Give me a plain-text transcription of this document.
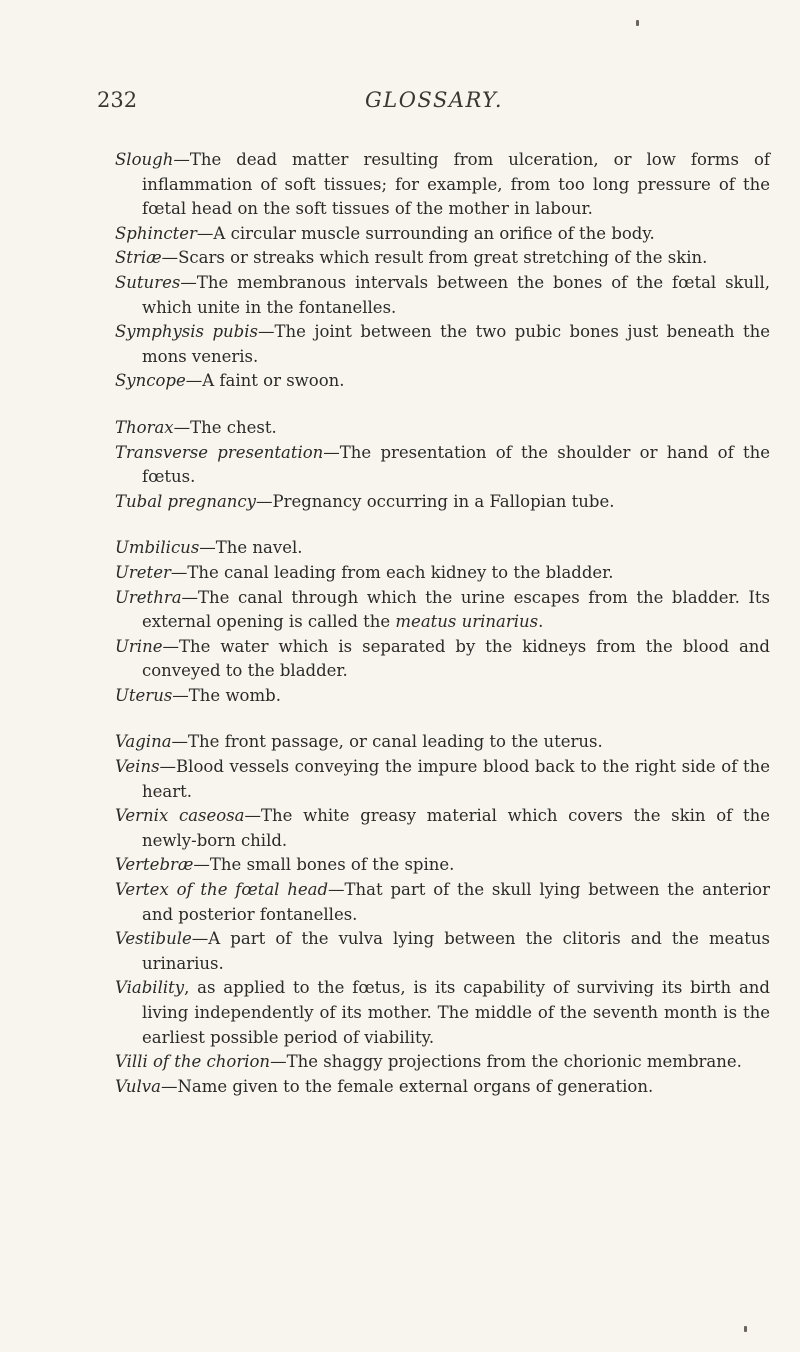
232	GLOSSARY.

Slough—The dead matter resulting from ulceration, or low forms of inflammation of soft tissues; for example, from too long pressure of the fœtal head on the soft tissues of the mother in labour.

Sphincter—A circular muscle surrounding an orifice of the body.

Striæ—Scars or streaks which result from great stretching of the skin.

Sutures—The membranous intervals between the bones of the fœtal skull, which unite in the fontanelles.

Symphysis pubis—The joint between the two pubic bones just beneath the mons veneris.

Syncope—A faint or swoon.

Thorax—The chest.

Transverse presentation—The presentation of the shoulder or hand of the fœtus.

Tubal pregnancy—Pregnancy occurring in a Fallopian tube.

Umbilicus—The navel.

Ureter—The canal leading from each kidney to the bladder.

Urethra—The canal through which the urine escapes from the bladder. Its external opening is called the meatus urinarius.

Urine—The water which is separated by the kidneys from the blood and conveyed to the bladder.

Uterus—The womb.

Vagina—The front passage, or canal leading to the uterus.

Veins—Blood vessels conveying the impure blood back to the right side of the heart.

Vernix caseosa—The white greasy material which covers the skin of the newly-born child.

Vertebræ—The small bones of the spine.

Vertex of the fœtal head—That part of the skull lying between the anterior and posterior fontanelles.

Vestibule—A part of the vulva lying between the clitoris and the meatus urinarius.

Viability, as applied to the fœtus, is its capability of surviving its birth and living independently of its mother. The middle of the seventh month is the earliest possible period of viability.

Villi of the chorion—The shaggy projections from the chorionic membrane.

Vulva—Name given to the female external organs of generation.
